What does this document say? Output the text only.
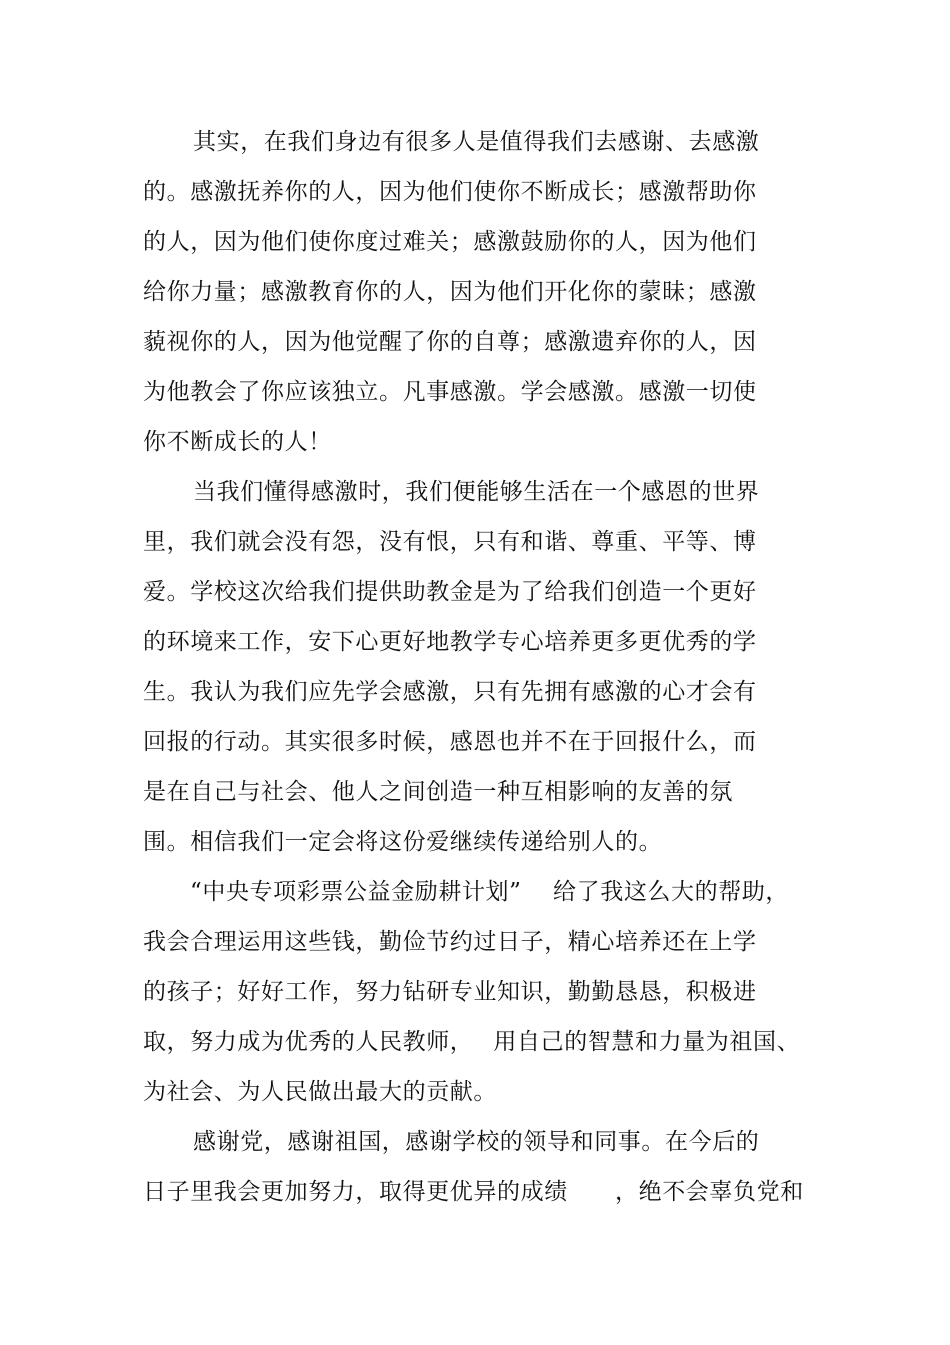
其实，在我们身边有很多人是值得我们去感谢、去感激
的。感激抚养你的人，因为他们使你不断成长；感激帮助你
的人，因为他们使你度过难关；感激鼓励你的人，因为他们
给你力量；感激教育你的人，因为他们开化你的蒙昧；感激
藐视你的人，因为他觉醒了你的自尊；感激遗弃你的人，因
为他教会了你应该独立。凡事感激。学会感激。感激一切使
你不断成长的人！
当我们懂得感激时，我们便能够生活在一个感恩的世界
里，我们就会没有怨，没有恨，只有和谐、尊重、平等、博
爱。学校这次给我们提供助教金是为了给我们创造一个更好
的环境来工作，安下心更好地教学专心培养更多更优秀的学
生。我认为我们应先学会感激，只有先拥有感激的心才会有
回报的行动。其实很多时候，感恩也并不在于回报什么，而
是在自己与社会、他人之间创造一种互相影响的友善的氛
围。相信我们一定会将这份爱继续传递给别人的。
“中央专项彩票公益金励耕计划”　 给了我这么大的帮助，
我会合理运用这些钱，勤俭节约过日子，精心培养还在上学
的孩子；好好工作，努力钻研专业知识，勤勤恳恳，积极进
取，努力成为优秀的人民教师，　 用自己的智慧和力量为祖国、
为社会、为人民做出最大的贡献。
感谢党，感谢祖国，感谢学校的领导和同事。在今后的
日子里我会更加努力，取得更优异的成绩　　，绝不会辜负党和
